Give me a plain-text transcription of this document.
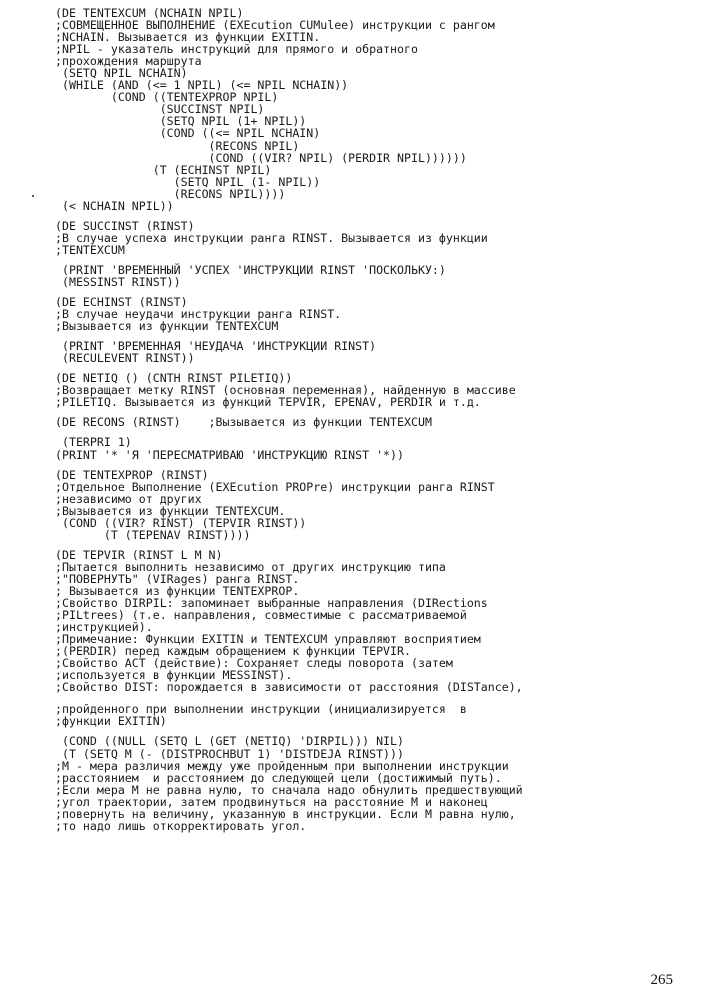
(DE TENTEXCUM (NCHAIN NPIL)
;СОВМЕЩЕННОЕ ВЫПОЛНЕНИЕ (EXEcution CUMulee) инструкции с рангом
;NCHAIN. Вызывается из функции EXITIN.
;NPIL - указатель инструкций для прямого и обратного
;прохождения маршрута
(SETQ NPIL NCHAIN)
(WHILE (AND (<= 1 NPIL) (<= NPIL NCHAIN))
(COND ((TENTEXPROP NPIL)
(SUCCINST NPIL)
(SETQ NPIL (1+ NPIL))
(COND ((<= NPIL NCHAIN)
(RECONS NPIL)
(COND ((VIR? NPIL) (PERDIR NPIL))))))
(T (ECHINST NPIL)
(SETQ NPIL (1- NPIL))
(RECONS NPIL))))
(< NCHAIN NPIL))
(DE SUCCINST (RINST)
;В случае успеха инструкции ранга RINST. Вызывается из функции
;TENTEXCUM
(PRINT 'ВРЕМЕННЫЙ 'УСПЕХ 'ИНСТРУКЦИИ RINST 'ПОСКОЛЬКУ:)
(MESSINST RINST))
(DE ECHINST (RINST)
;В случае неудачи инструкции ранга RINST.
;Вызывается из функции TENTEXCUM
(PRINT 'ВРЕМЕННАЯ 'НЕУДАЧА 'ИНСТРУКЦИИ RINST)
(RECULEVENT RINST))
(DE NETIQ () (CNTH RINST PILETIQ))
;Возвращает метку RINST (основная переменная), найденную в массиве
;PILETIQ. Вызывается из функций TEPVIR, EPENAV, PERDIR и т.д.
(DE RECONS (RINST)    ;Вызывается из функции TENTEXCUM
(TERPRI 1)
(PRINT '* 'Я 'ПЕРЕСМАТРИВАЮ 'ИНСТРУКЦИЮ RINST '*))
(DE TENTEXPROP (RINST)
;Отдельное Выполнение (EXEcution PROPre) инструкции ранга RINST
;независимо от других
;Вызывается из функции TENTEXCUM.
(COND ((VIR? RINST) (TEPVIR RINST))
(T (TEPENAV RINST))))
(DE TEPVIR (RINST L M N)
;Пытается выполнить независимо от других инструкцию типа
;"ПОВЕРНУТЬ" (VIRages) ранга RINST.
; Вызывается из функции TENTEXPROP.
;Свойство DIRPIL: запоминает выбранные направления (DIRections
;PILtrees) (т.е. направления, совместимые с рассматриваемой
;инструкцией).
;Примечание: Функции EXITIN и TENTEXCUM управляют восприятием
;(PERDIR) перед каждым обращением к функции TEPVIR.
;Свойство ACT (действие): Сохраняет следы поворота (затем
;используется в функции MESSINST).
;Свойство DIST: порождается в зависимости от расстояния (DISTance),
;пройденного при выполнении инструкции (инициализируется  в
;функции EXITIN)
(COND ((NULL (SETQ L (GET (NETIQ) 'DIRPIL))) NIL)
(T (SETQ M (- (DISTPROCHBUT 1) 'DISTDEJA RINST)))
;M - мера различия между уже пройденным при выполнении инструкции
;расстоянием  и расстоянием до следующей цели (достижимый путь).
;Если мера M не равна нулю, то сначала надо обнулить предшествующий
;угол траектории, затем продвинуться на расстояние M и наконец
;повернуть на величину, указанную в инструкции. Если M равна нулю,
;то надо лишь откорректировать угол.
265
